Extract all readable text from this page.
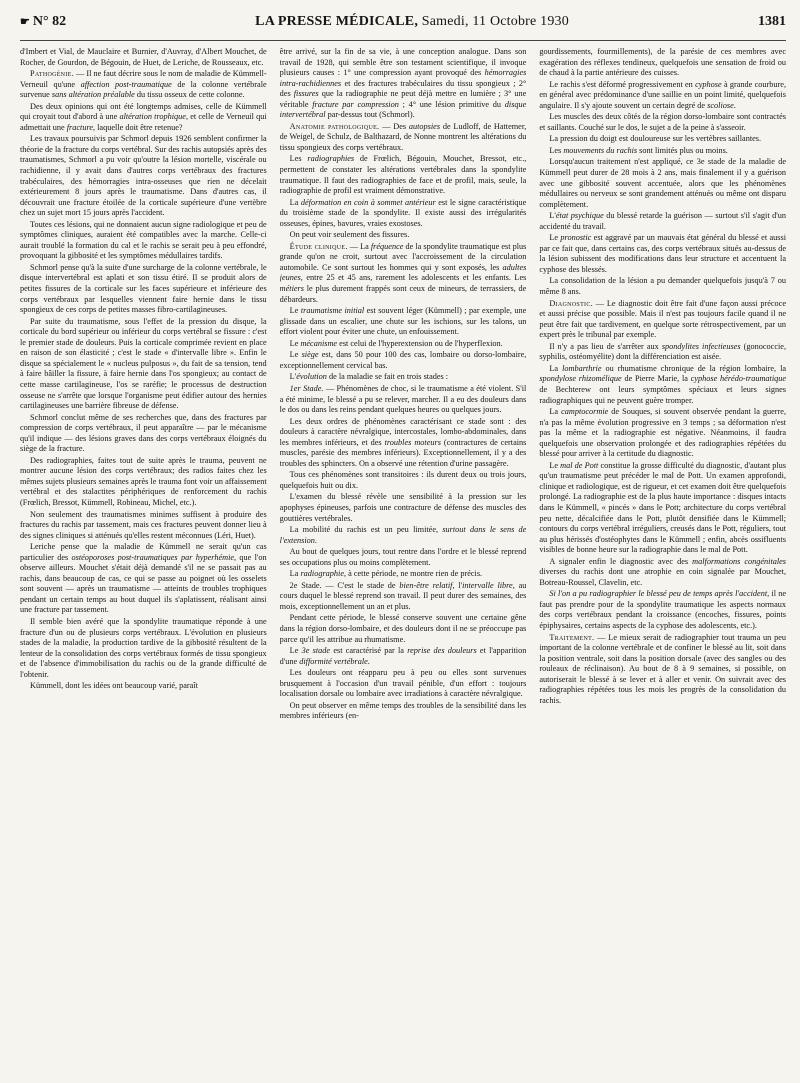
☛ N° 82	LA PRESSE MÉDICALE, Samedi, 11 Octobre 1930	1381

d'Imbert et Vial, de Mauclaire et Burnier, d'Auvray, d'Albert Mouchet, de Rocher, de Gourdon, de Bégouin, de Huet, de Leriche, de Rousseaux, etc.

Pathogénie. — Il ne faut décrire sous le nom de maladie de Kümmell- Verneuil qu'une affection post-traumatique de la colonne vertébrale survenue sans altération préalable du tissu osseux de cette colonne.

Des deux opinions qui ont été longtemps admises, celle de Kümmell qui croyait tout d'abord à une altération trophique, et celle de Verneuil qui admettait une fracture, laquelle doit être retenue?

Les travaux poursuivis par Schmorl depuis 1926 semblent confirmer la théorie de la fracture du corps vertébral. Sur des rachis autopsiés après des traumatismes, Schmorl a pu voir qu'outre la lésion mortelle, viscérale ou rachidienne, il y avait dans d'autres corps vertébraux des fractures trabéculaires, des hémorragies intra-osseuses que rien ne décelait extérieurement 8 jours après le traumatisme. Dans d'autres cas, il découvrait une fracture étoilée de la corticale supérieure d'une vertèbre chez un sujet mort 15 jours après l'accident.

Toutes ces lésions, qui ne donnaient aucun signe radiologique et peu de symptômes cliniques, auraient été compatibles avec la marche. Celle-ci aurait troublé la formation du cal et le rachis se serait peu à peu effondré, provoquant la gibbosité et les symptômes médullaires tardifs.

Schmorl pense qu'à la suite d'une surcharge de la colonne vertébrale, le disque intervertébral est aplati et son tissu étiré. Il se produit alors de petites fissures de la corticale sur les faces supérieure et inférieure des corps vertébraux par lesquelles viennent faire hernie dans le tissu spongieux de ces corps de petites masses fibro-cartilagineuses.

Par suite du traumatisme, sous l'effet de la pression du disque, la corticale du bord supérieur ou inférieur du corps vertébral se fissure : c'est le premier stade de douleurs. Puis la corticale comprimée revient en place en raison de son élasticité ; c'est le stade « d'intervalle libre ». Enfin le disque sa spécialement le « nucleus pulposus », du fait de sa tension, tend à faire bâiller la fissure, à faire hernie dans l'os spongieux; au contact de cette masse cartilagineuse, l'os se raréfie; le processus de destruction osseuse ne s'arrête que lorsque l'organisme peut édifier autour des hernies cartilagineuses une barrière fibreuse de défense.

Schmorl conclut même de ses recherches que, dans des fractures par compression de corps vertébraux, il peut apparaître — par le mécanisme qu'il indique — des lésions graves dans des corps vertébraux éloignés du siège de la fracture.

Des radiographies, faites tout de suite après le trauma, peuvent ne montrer aucune lésion des corps vertébraux; des radios faites chez les mêmes sujets plusieurs semaines après le trauma font voir un affaissement vertébral et des stalactites périphériques de renforcement du rachis (Frœlich, Bressot, Kümmell, Robineau, Michel, etc.).

Non seulement des traumatismes minimes suffisent à produire des fractures du rachis par tassement, mais ces fractures peuvent donner lieu à des signes cliniques si atténués qu'elles restent méconnues (Léri, Huet).

Leriche pense que la maladie de Kümmell ne serait qu'un cas particulier des ostéoporoses post-traumatiques par hyperhémie, que l'on observe ailleurs. Mouchet s'était déjà demandé s'il ne se passait pas au rachis, dans beaucoup de cas, ce qui se passe au poignet où les osselets sont souvent — après un traumatisme — atteints de troubles trophiques pendant un certain temps au bout duquel ils s'aplatissent, réalisant ainsi une fracture par tassement.

Il semble bien avéré que la spondylite traumatique réponde à une fracture d'un ou de plusieurs corps vertébraux. L'évolution en plusieurs stades de la maladie, la production tardive de la gibbosité résultent de la lenteur de la consolidation des corps vertébraux formés de tissu spongieux et de l'absence d'immobilisation du rachis ou de la grande difficulté de l'obtenir.

Kümmell, dont les idées ont beaucoup varié, paraît

être arrivé, sur la fin de sa vie, à une conception analogue. Dans son travail de 1928, qui semble être son testament scientifique, il invoque plusieurs causes : 1° une compression ayant provoqué des hémorragies intra-rachidiennes et des fractures trabéculaires du tissu spongieux ; 2° des fissures que la radiographie ne peut déjà mettre en lumière ; 3° une véritable fracture par compression ; 4° une lésion primitive du disque intervertébral par-dessus tout (Schmorl).

Anatomie pathologique. — Des autopsies de Ludloff, de Hattemer, de Weigel, de Schulz, de Balthazard, de Nonne montrent les altérations du tissu spongieux des corps vertébraux.

Les radiographies de Frœlich, Bégouin, Mouchet, Bressot, etc., permettent de constater les altérations vertébrales dans la spondylite traumatique. Il faut des radiographies de face et de profil, mais, seule, la radiographie de profil est vraiment démonstrative.

La déformation en coin à sommet antérieur est le signe caractéristique du troisième stade de la spondylite. Il existe aussi des irrégularités osseuses, épines, bavures, vraies exostoses.

On peut voir seulement des fissures.

Étude clinique. — La fréquence de la spondylite traumatique est plus grande qu'on ne croit, surtout avec l'accroissement de la circulation automobile. Ce sont surtout les hommes qui y sont exposés, les adultes jeunes, entre 25 et 45 ans, rarement les adolescents et les enfants. Les métiers le plus durement frappés sont ceux de mineurs, de terrassiers, de débardeurs.

Le traumatisme initial est souvent léger (Kümmell) ; par exemple, une glissade dans un escalier, une chute sur les ischions, sur les talons, un effort violent pour éviter une chute, un enfouissement.

Le mécanisme est celui de l'hyperextension ou de l'hyperflexion.

Le siège est, dans 50 pour 100 des cas, lombaire ou dorso-lombaire, exceptionnellement cervical bas.

L'évolution de la maladie se fait en trois stades :

1er Stade. — Phénomènes de choc, si le traumatisme a été violent. S'il a été minime, le blessé a pu se relever, marcher. Il a eu des douleurs dans le dos ou dans les reins pendant quelques heures ou quelques jours.

Les deux ordres de phénomènes caractérisant ce stade sont : des douleurs à caractère névralgique, intercostales, lombo-abdominales, dans les membres inférieurs, et des troubles moteurs (contractures de certains muscles, parésie des membres inférieurs). Exceptionnellement, il y a des troubles des sphincters. On a observé une rétention d'urine passagère.

Tous ces phénomènes sont transitoires : ils durent deux ou trois jours, quelquefois huit ou dix.

L'examen du blessé révèle une sensibilité à la pression sur les apophyses épineuses, parfois une contracture de défense des muscles des gouttières vertébrales.

La mobilité du rachis est un peu limitée, surtout dans le sens de l'extension.

Au bout de quelques jours, tout rentre dans l'ordre et le blessé reprend ses occupations plus ou moins complètement.

La radiographie, à cette période, ne montre rien de précis.

2e Stade. — C'est le stade de bien-être relatif, l'intervalle libre, au cours duquel le blessé reprend son travail. Il peut durer des semaines, des mois, exceptionnellement un an et plus.

Pendant cette période, le blessé conserve souvent une certaine gêne dans la région dorso-lombaire, et des douleurs dont il ne se préoccupe pas parce qu'il les attribue au rhumatisme.

Le 3e stade est caractérisé par la reprise des douleurs et l'apparition d'une difformité vertébrale.

Les douleurs ont réapparu peu à peu ou elles sont survenues brusquement à l'occasion d'un travail pénible, d'un effort : toujours localisation dorsale ou lombaire avec irradiations à caractère névralgique.

On peut observer en même temps des troubles de la sensibilité dans les membres inférieurs (en-

gourdissements, fourmillements), de la parésie de ces membres avec exagération des réflexes tendineux, quelquefois une sensation de froid ou de chaud à la partie antérieure des cuisses.

Le rachis s'est déformé progressivement en cyphose à grande courbure, en général avec prédominance d'une saillie en un point limité, quelquefois angulaire. Il s'y ajoute souvent un certain degré de scoliose.

Les muscles des deux côtés de la région dorso-lombaire sont contractés et saillants. Couché sur le dos, le sujet a de la peine à s'asseoir.

La pression du doigt est douloureuse sur les vertèbres saillantes.

Les mouvements du rachis sont limités plus ou moins.

Lorsqu'aucun traitement n'est appliqué, ce 3e stade de la maladie de Kümmell peut durer de 28 mois à 2 ans, mais finalement il y a guérison avec une gibbosité souvent accentuée, alors que les phénomènes médullaires ou nerveux se sont grandement atténués ou même ont disparu complètement.

L'état psychique du blessé retarde la guérison — surtout s'il s'agit d'un accidenté du travail.

Le pronostic est aggravé par un mauvais état général du blessé et aussi par ce fait que, dans certains cas, des corps vertébraux situés au-dessus de la lésion subissent des modifications dans leur structure et accentuent la cyphose des blessés.

La consolidation de la lésion a pu demander quelquefois jusqu'à 7 ou même 8 ans.

Diagnostic. — Le diagnostic doit être fait d'une façon aussi précoce et aussi précise que possible. Mais il n'est pas toujours facile quand il ne peut être fait que tardivement, en quelque sorte rétrospectivement, par un expert près le tribunal par exemple.

Il n'y a pas lieu de s'arrêter aux spondylites infectieuses (gonococcie, syphilis, ostéomyélite) dont la différenciation est aisée.

La lombarthrie ou rhumatisme chronique de la région lombaire, la spondylose rhizomélique de Pierre Marie, la cyphose hérédo-traumatique de Bechterew ont leurs symptômes spéciaux et leurs signes radiographiques qui ne peuvent guère tromper.

La camptocormie de Souques, si souvent observée pendant la guerre, n'a pas la même évolution progressive en 3 temps ; sa déformation n'est pas la même et la radiographie est négative. Néanmoins, il faudra quelquefois une observation prolongée et des radiographies répétées du blessé pour arriver à la certitude du diagnostic.

Le mal de Pott constitue la grosse difficulté du diagnostic, d'autant plus qu'un traumatisme peut précéder le mal de Pott. Un examen approfondi, clinique et radiologique, est de rigueur, et cet examen doit être quelquefois prolongé. La radiographie est de la plus haute importance : disques intacts dans le Kümmell, « pincés » dans le Pott; architecture du corps vertébral peu nette, décalcifiée dans le Pott, plutôt densifiée dans le Kümmell; contours du corps vertébral irréguliers, creusés dans le Pott, réguliers, tout au plus hérissés d'ostéophytes dans le Kümmell ; enfin, abcès ossifluents visibles de bonne heure sur la radiographie dans le mal de Pott.

A signaler enfin le diagnostic avec des malformations congénitales diverses du rachis dont une atrophie en coin signalée par Mouchet, Botreau-Roussel, Clavelin, etc.

Si l'on a pu radiographier le blessé peu de temps après l'accident, il ne faut pas prendre pour de la spondylite traumatique les aspects normaux des corps vertébraux pendant la croissance (encoches, fissures, points épiphysaires, certains aspects de la cyphose des adolescents, etc.).

Traitement. — Le mieux serait de radiographier tout trauma un peu important de la colonne vertébrale et de confiner le blessé au lit, soit dans la position ventrale, soit dans la position dorsale (avec des sangles ou des rouleaux de réclinaison). Au bout de 8 à 9 semaines, si possible, on autoriserait le blessé à se lever et à aller et venir. On suivrait avec des radiographies répétées tous les mois les progrès de la consolidation du rachis.
